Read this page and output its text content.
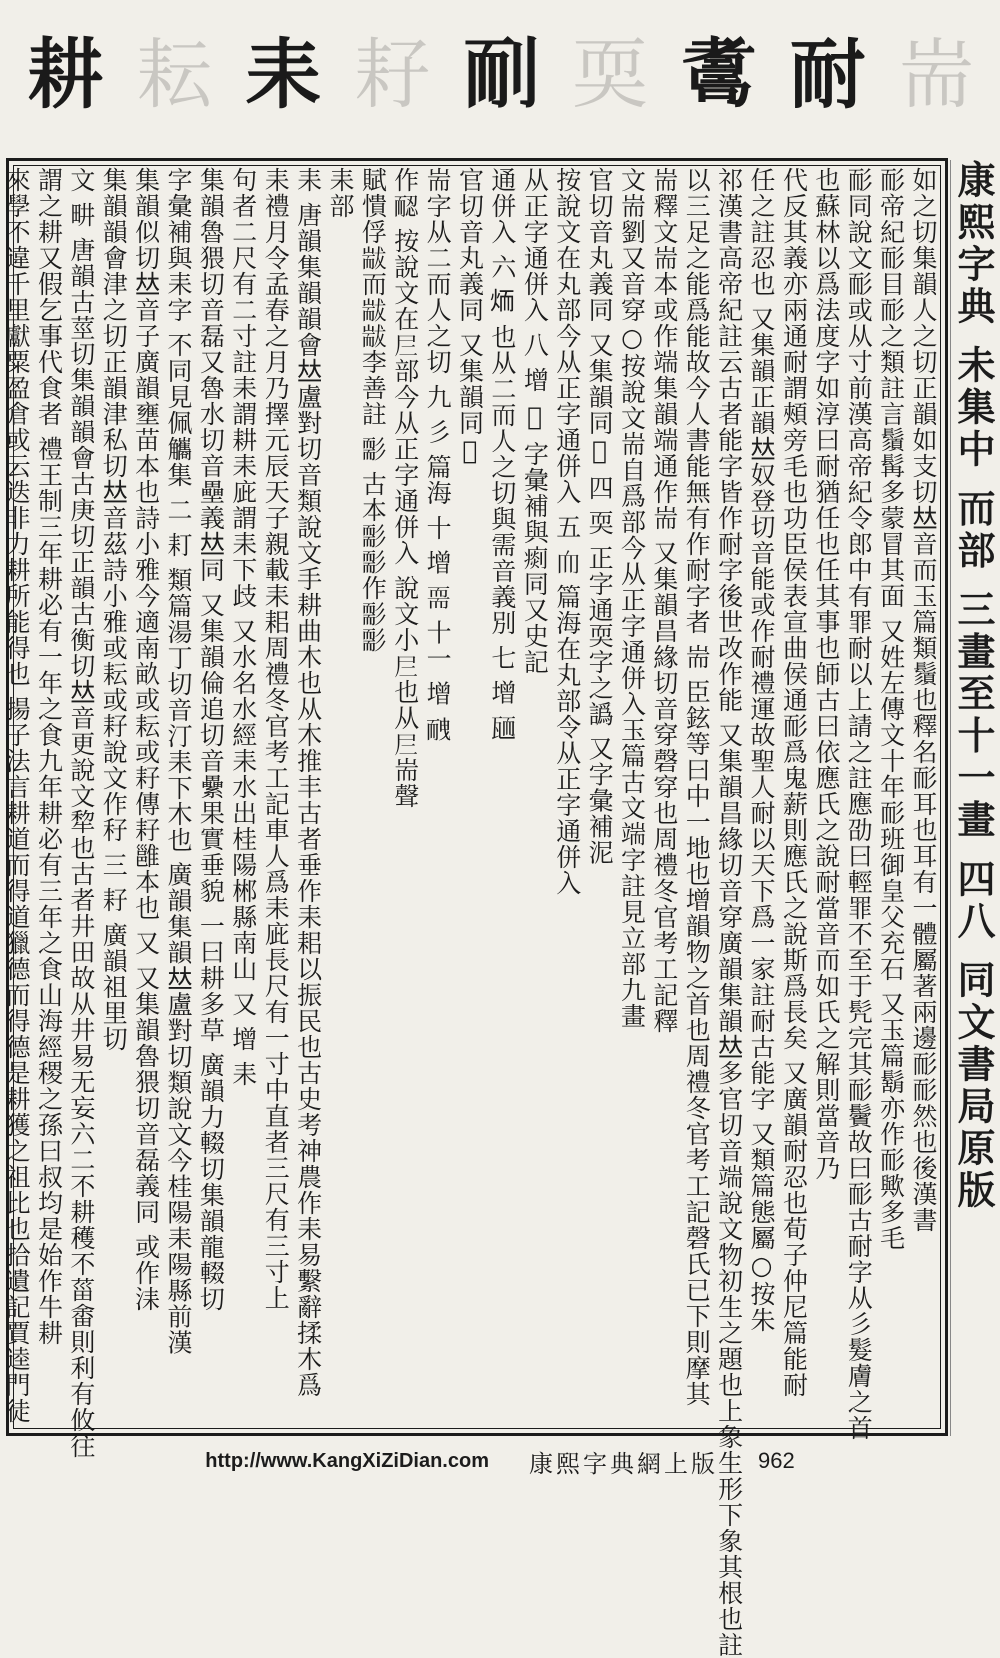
耑
耐
𦓃
耎
𦓎
耔
耒
耘
耕
康熙字典 未集中 而部 三畫至十一畫 四八 同文書局原版
如之切集韻人之切正韻如支切𠀤音而玉篇類鬚也釋名耏耳也耳有一體屬著兩邊耏耏然也後漢書
耏帝紀耏目耏之類註言鬚髯多蒙冒其面 又姓左傳文十年耏班御皇父充石 又玉篇鬍亦作耏歟多毛
耏同說文耏或从寸前漢高帝紀令郎中有罪耐以上請之註應劭曰輕罪不至于髠完其耏鬢故曰耏古耐字从彡髮膚之首
也蘇林以爲法度字如淳曰耐猶任也任其事也師古曰依應氏之說耐當音而如氏之解則當音乃
代反其義亦兩通耐謂頰旁毛也功臣侯表宣曲侯通耏爲鬼薪則應氏之說斯爲長矣 又廣韻耐忍也荀子仲尼篇能耐
任之註忍也 又集韻正韻𠀤奴登切音能或作耐禮運故聖人耐以天下爲一家註耐古能字 又類篇態屬○按朱
祁漢書高帝紀註云古者能字皆作耐字後世改作能 又集韻昌緣切音穿廣韻集韻𠀤多官切音端說文物初生之題也上象生形下象其根也註
以三足之能爲能故今人書能無有作耐字者 耑 臣鉉等曰中一地也增韻物之首也周禮冬官考工記磬氏已下則摩其
耑釋文耑本或作端集韻端通作耑 又集韻昌緣切音穿磬穿也周禮冬官考工記釋
文耑劉又音穿○按說文耑自爲部今从正字通併入玉篇古文端字註見立部九畫
官切音丸義同 又集韻同𦓊 四 耎 正字通耎字之譌 又字彙補泥
按說文在丸部今从正字通併入 五 𦓐 篇海在丸部令从正字通併入
从正字通併入 八 增 𦓑 字彙補與𤸹同又史記
通併入 六 𦓒 也从二而人之切與需音義別 七 增 𦓓
官切音丸義同 又集韻同𦓊
耑字从二而人之切 九 彡 篇海 十 增 𦓔 十一 增 𦓕
作𦓖 按說文在𡰥部今从正字通併入 說文小𡰥也从𡰥耑聲
賦憒俘𦓗而𦓗𦓗李善註 𦓘 古本𦓘𦓘作𦓘𦓘
耒部
耒 唐韻集韻韻會𠀤盧對切音類說文手耕曲木也从木推丰古者垂作耒耜以振民也古史考神農作耒易繫辭揉木爲
耒禮月令孟春之月乃擇元辰天子親載耒耜周禮冬官考工記車人爲耒庛長尺有一寸中直者三尺有三寸上
句者二尺有二寸註耒謂耕耒庛謂耒下歧 又水名水經耒水出桂陽郴縣南山 又 增 耒
集韻魯猥切音磊又魯水切音壘義𠀤同 又集韻倫追切音纍果實垂貌 一曰耕多草 廣韻力輟切集韻龍輟切
字彙補與耒字 不同見佩觿集 二 耓 類篇湯丁切音汀耒下木也 廣韻集韻𠀤盧對切類說文今桂陽耒陽縣前漢
集韻似切𠀤音子廣韻壅苗本也詩小雅今適南畝或耘或耔傳耔雝本也 又 又集韻魯猥切音磊義同 或作洡
集韻韻會津之切正韻津私切𠀤音茲詩小雅或耘或耔說文作秄 三 耔 廣韻祖里切
文 畊 唐韻古莖切集韻韻會古庚切正韻古衡切𠀤音更說文犂也古者井田故从井易无妄六二不耕穫不菑畬則利有攸往
謂之耕又假乞事代食者 禮王制三年耕必有一年之食九年耕必有三年之食山海經稷之孫曰叔均是始作牛耕
來學不違千里獻粟盈倉或云迭非力耕所能得也 揚子法言耕道而得道獵德而得德是耕獲之祖比也拾遺記賈逵門徒
http://www.KangXiZiDian.com 康熙字典網上版 962
